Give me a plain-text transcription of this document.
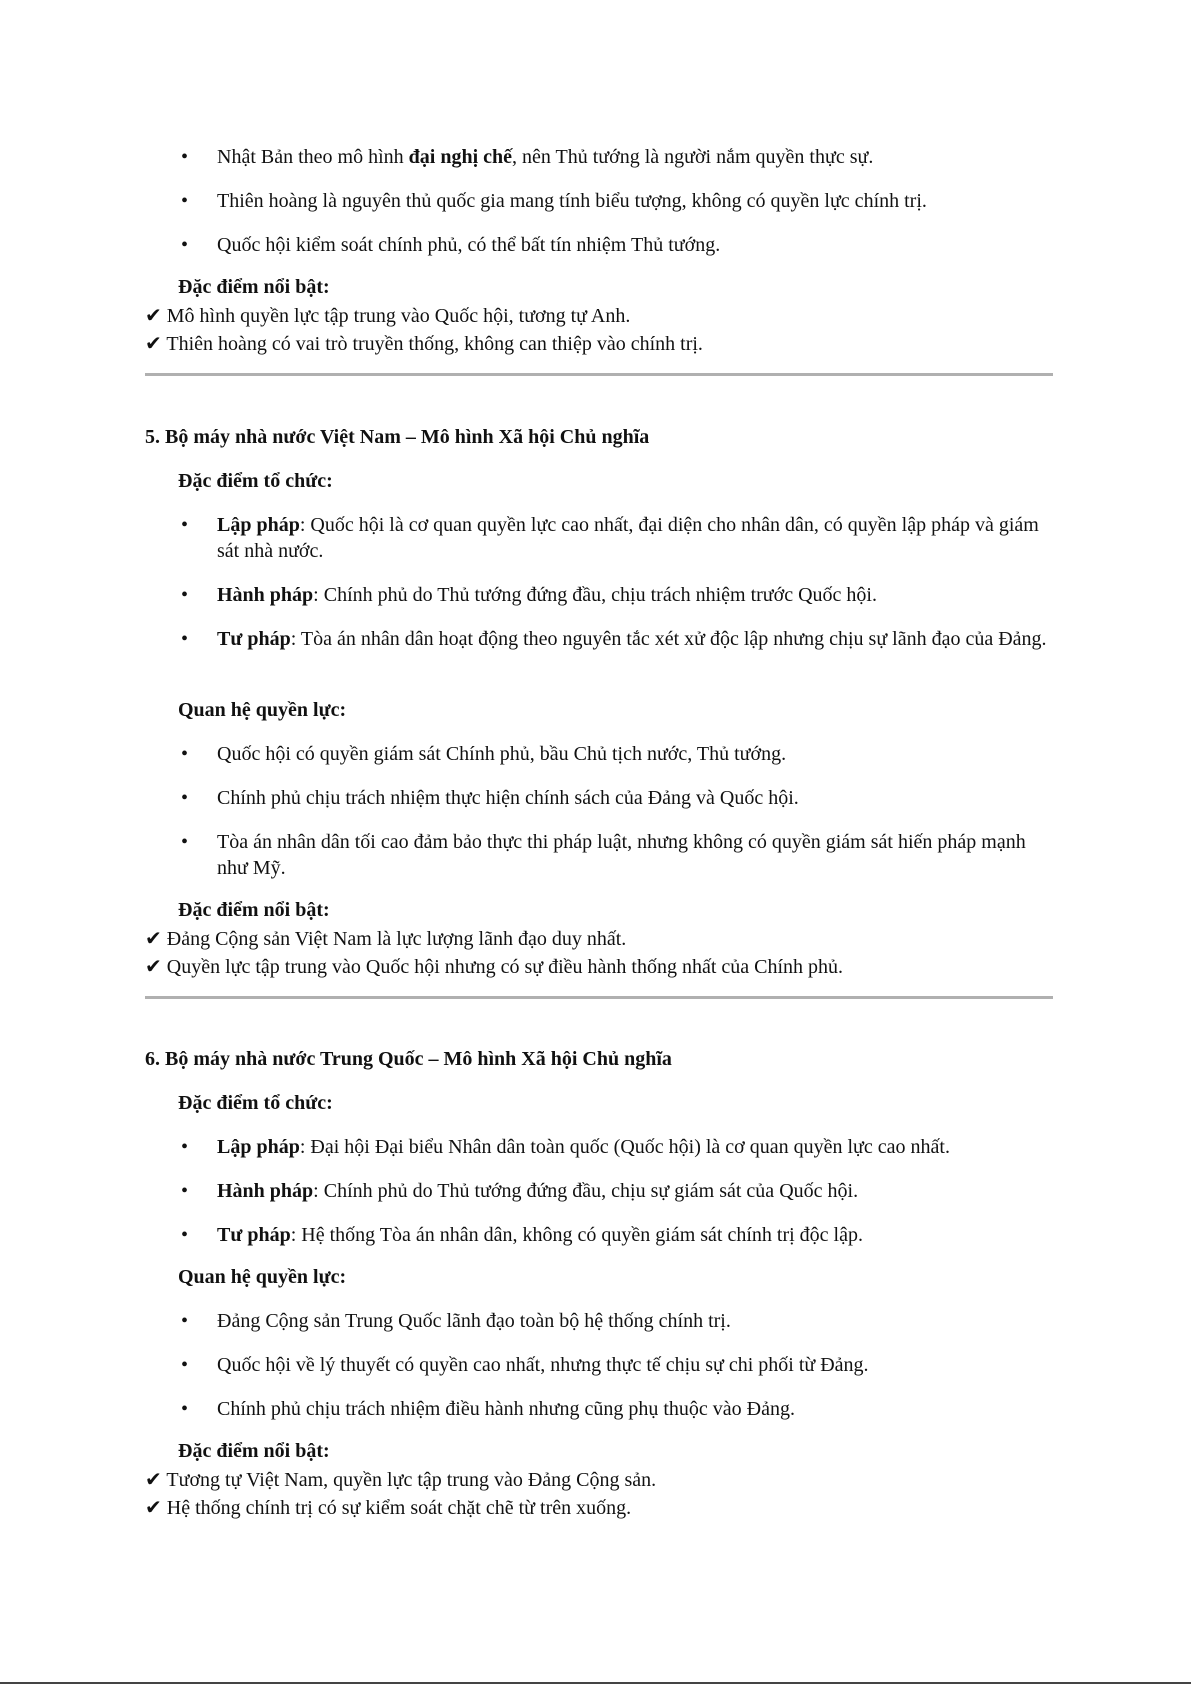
• Nhật Bản theo mô hình đại nghị chế, nên Thủ tướng là người nắm quyền thực sự.

• Thiên hoàng là nguyên thủ quốc gia mang tính biểu tượng, không có quyền lực chính trị.

• Quốc hội kiểm soát chính phủ, có thể bất tín nhiệm Thủ tướng.

Đặc điểm nổi bật:
✔ Mô hình quyền lực tập trung vào Quốc hội, tương tự Anh.
✔ Thiên hoàng có vai trò truyền thống, không can thiệp vào chính trị.
5. Bộ máy nhà nước Việt Nam – Mô hình Xã hội Chủ nghĩa
Đặc điểm tổ chức:

• Lập pháp: Quốc hội là cơ quan quyền lực cao nhất, đại diện cho nhân dân, có quyền lập pháp và giám sát nhà nước.

• Hành pháp: Chính phủ do Thủ tướng đứng đầu, chịu trách nhiệm trước Quốc hội.

• Tư pháp: Tòa án nhân dân hoạt động theo nguyên tắc xét xử độc lập nhưng chịu sự lãnh đạo của Đảng.

Quan hệ quyền lực:

• Quốc hội có quyền giám sát Chính phủ, bầu Chủ tịch nước, Thủ tướng.

• Chính phủ chịu trách nhiệm thực hiện chính sách của Đảng và Quốc hội.

• Tòa án nhân dân tối cao đảm bảo thực thi pháp luật, nhưng không có quyền giám sát hiến pháp mạnh như Mỹ.

Đặc điểm nổi bật:
✔ Đảng Cộng sản Việt Nam là lực lượng lãnh đạo duy nhất.
✔ Quyền lực tập trung vào Quốc hội nhưng có sự điều hành thống nhất của Chính phủ.
6. Bộ máy nhà nước Trung Quốc – Mô hình Xã hội Chủ nghĩa
Đặc điểm tổ chức:

• Lập pháp: Đại hội Đại biểu Nhân dân toàn quốc (Quốc hội) là cơ quan quyền lực cao nhất.

• Hành pháp: Chính phủ do Thủ tướng đứng đầu, chịu sự giám sát của Quốc hội.

• Tư pháp: Hệ thống Tòa án nhân dân, không có quyền giám sát chính trị độc lập.

Quan hệ quyền lực:

• Đảng Cộng sản Trung Quốc lãnh đạo toàn bộ hệ thống chính trị.

• Quốc hội về lý thuyết có quyền cao nhất, nhưng thực tế chịu sự chi phối từ Đảng.

• Chính phủ chịu trách nhiệm điều hành nhưng cũng phụ thuộc vào Đảng.

Đặc điểm nổi bật:
✔ Tương tự Việt Nam, quyền lực tập trung vào Đảng Cộng sản.
✔ Hệ thống chính trị có sự kiểm soát chặt chẽ từ trên xuống.
